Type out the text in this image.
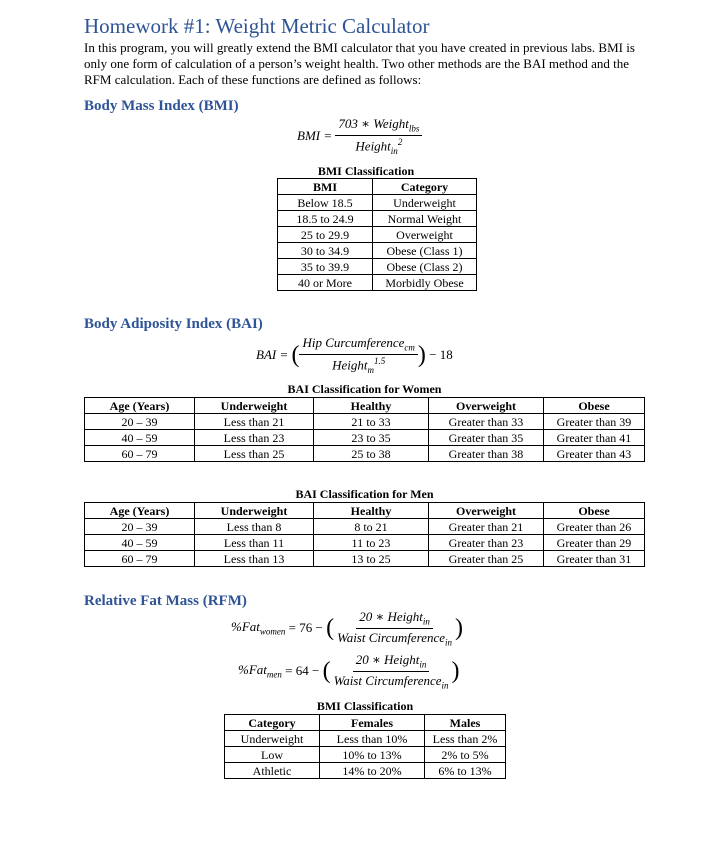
Homework #1: Weight Metric Calculator
In this program, you will greatly extend the BMI calculator that you have created in previous labs. BMI is only one form of calculation of a person’s weight health. Two other methods are the BAI method and the RFM calculation. Each of these functions are defined as follows:
Body Mass Index (BMI)
BMI = $\frac{703 ∗ Weight_{lbs}}{Height_{in}^2}$
BMI Classification
BMI	Category
Below 18.5	Underweight
18.5 to 24.9	Normal Weight
25 to 29.9	Overweight
30 to 34.9	Obese (Class 1)
35 to 39.9	Obese (Class 2)
40 or More	Morbidly Obese
Body Adiposity Index (BAI)
BAI = ( $\frac{Hip Curcumference_{cm}}{Height_m^{1.5}}$ ) − 18
BAI Classification for Women
Age (Years)	Underweight	Healthy	Overweight	Obese
20 – 39	Less than 21	21 to 33	Greater than 33	Greater than 39
40 – 59	Less than 23	23 to 35	Greater than 35	Greater than 41
60 – 79	Less than 25	25 to 38	Greater than 38	Greater than 43
BAI Classification for Men
Age (Years)	Underweight	Healthy	Overweight	Obese
20 – 39	Less than 8	8 to 21	Greater than 21	Greater than 26
40 – 59	Less than 11	11 to 23	Greater than 23	Greater than 29
60 – 79	Less than 13	13 to 25	Greater than 25	Greater than 31
Relative Fat Mass (RFM)
%Fat$_{women}$ = 76 − ( $\frac{20 ∗ Height_{in}}{Waist Circumference_{in}}$ )
%Fat$_{men}$ = 64 − ( $\frac{20 ∗ Height_{in}}{Waist Circumference_{in}}$ )
BMI Classification
Category	Females	Males
Underweight	Less than 10%	Less than 2%
Low	10% to 13%	2% to 5%
Athletic	14% to 20%	6% to 13%
